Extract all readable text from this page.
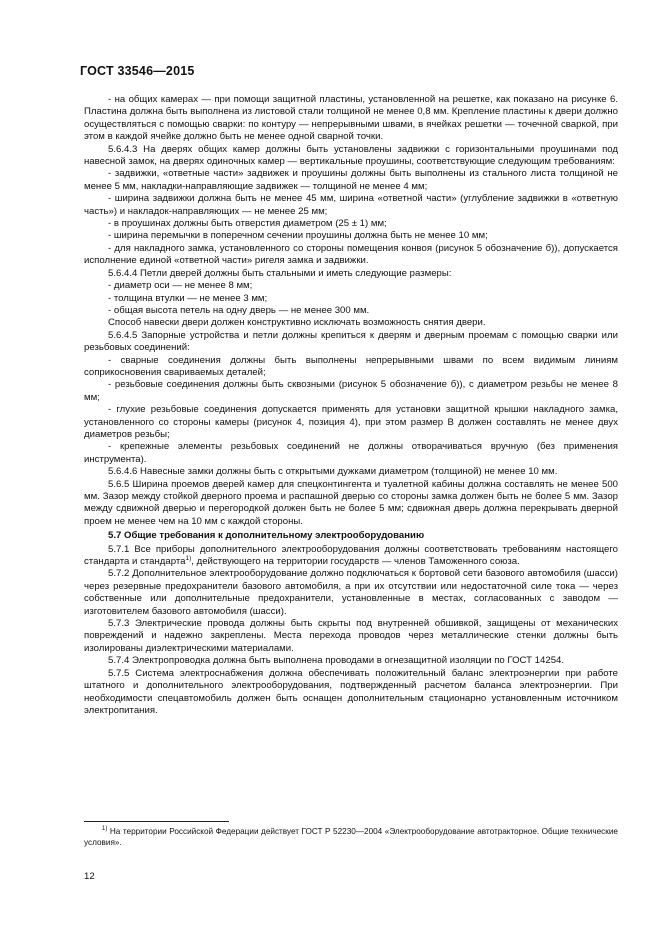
ГОСТ 33546—2015

- на общих камерах — при помощи защитной пластины, установленной на решетке, как показано на рисунке 6. Пластина должна быть выполнена из листовой стали толщиной не менее 0,8 мм. Крепление пластины к двери должно осуществляться с помощью сварки: по контуру — непрерывными швами, в ячейках решетки — точечной сваркой, при этом в каждой ячейке должно быть не менее одной сварной точки.

5.6.4.3 На дверях общих камер должны быть установлены задвижки с горизонтальными проушинами под навесной замок, на дверях одиночных камер — вертикальные проушины, соответствующие следующим требованиям:

- задвижки, «ответные части» задвижек и проушины должны быть выполнены из стального листа толщиной не менее 5 мм, накладки-направляющие задвижек — толщиной не менее 4 мм;

- ширина задвижки должна быть не менее 45 мм, ширина «ответной части» (углубление задвижки в «ответную часть») и накладок-направляющих — не менее 25 мм;

- в проушинах должны быть отверстия диаметром (25 ± 1) мм;

- ширина перемычки в поперечном сечении проушины должна быть не менее 10 мм;

- для накладного замка, установленного со стороны помещения конвоя (рисунок 5 обозначение б)), допускается исполнение единой «ответной части» ригеля замка и задвижки.

5.6.4.4 Петли дверей должны быть стальными и иметь следующие размеры:

- диаметр оси — не менее 8 мм;

- толщина втулки — не менее 3 мм;

- общая высота петель на одну дверь — не менее 300 мм.

Способ навески двери должен конструктивно исключать возможность снятия двери.

5.6.4.5 Запорные устройства и петли должны крепиться к дверям и дверным проемам с помощью сварки или резьбовых соединений:

- сварные соединения должны быть выполнены непрерывными швами по всем видимым линиям соприкосновения свариваемых деталей;

- резьбовые соединения должны быть сквозными (рисунок 5 обозначение б)), с диаметром резьбы не менее 8 мм;

- глухие резьбовые соединения допускается применять для установки защитной крышки накладного замка, установленного со стороны камеры (рисунок 4, позиция 4), при этом размер В должен составлять не менее двух диаметров резьбы;

- крепежные элементы резьбовых соединений не должны отворачиваться вручную (без применения инструмента).

5.6.4.6 Навесные замки должны быть с открытыми дужками диаметром (толщиной) не менее 10 мм.

5.6.5 Ширина проемов дверей камер для спецконтингента и туалетной кабины должна составлять не менее 500 мм. Зазор между стойкой дверного проема и распашной дверью со стороны замка должен быть не более 5 мм. Зазор между сдвижной дверью и перегородкой должен быть не более 5 мм; сдвижная дверь должна перекрывать дверной проем не менее чем на 10 мм с каждой стороны.

5.7 Общие требования к дополнительному электрооборудованию

5.7.1 Все приборы дополнительного электрооборудования должны соответствовать требованиям настоящего стандарта и стандарта$^{1)}$, действующего на территории государств — членов Таможенного союза.

5.7.2 Дополнительное электрооборудование должно подключаться к бортовой сети базового автомобиля (шасси) через резервные предохранители базового автомобиля, а при их отсутствии или недостаточной силе тока — через собственные или дополнительные предохранители, установленные в местах, согласованных с заводом — изготовителем базового автомобиля (шасси).

5.7.3 Электрические провода должны быть скрыты под внутренней обшивкой, защищены от механических повреждений и надежно закреплены. Места перехода проводов через металлические стенки должны быть изолированы диэлектрическими материалами.

5.7.4 Электропроводка должна быть выполнена проводами в огнезащитной изоляции по ГОСТ 14254.

5.7.5 Система электроснабжения должна обеспечивать положительный баланс электроэнергии при работе штатного и дополнительного электрооборудования, подтвержденный расчетом баланса электроэнергии. При необходимости спецавтомобиль должен быть оснащен дополнительным стационарно установленным источником электропитания.

$^{1)}$ На территории Российской Федерации действует ГОСТ Р 52230—2004 «Электрооборудование автотракторное. Общие технические условия».

12
